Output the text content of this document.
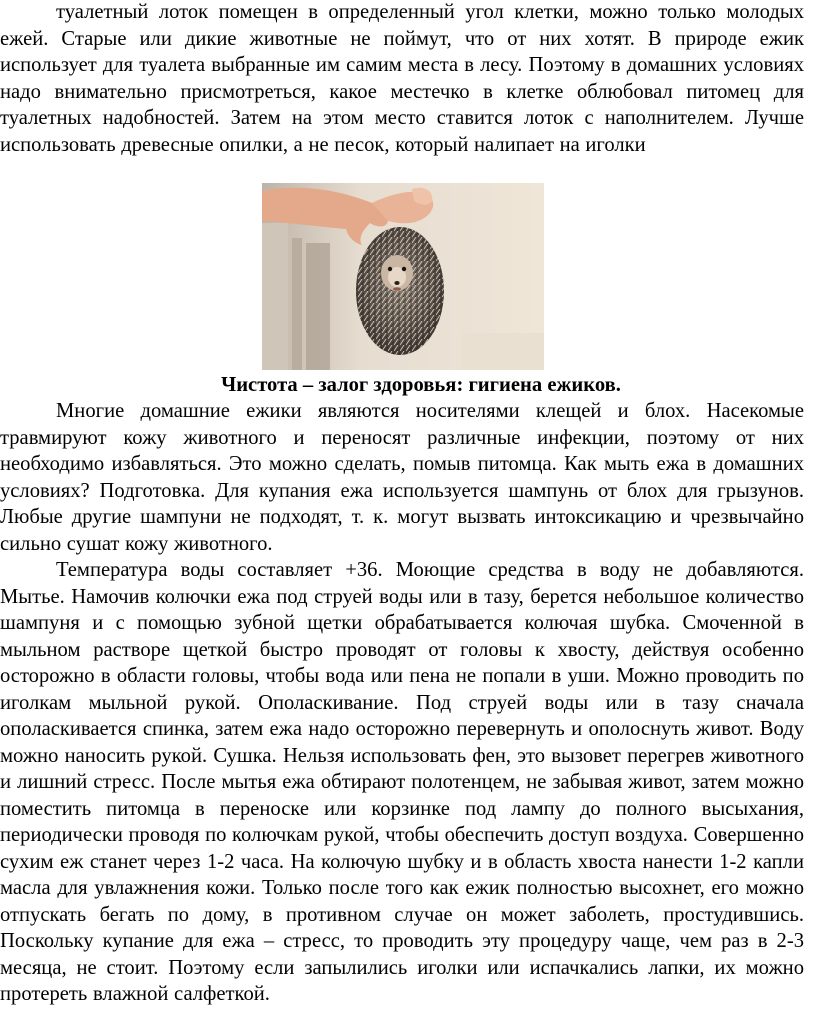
туалетный лоток помещен в определенный угол клетки, можно только молодых ежей. Старые или дикие животные не поймут, что от них хотят. В природе ежик использует для туалета выбранные им самим места в лесу. Поэтому в домашних условиях надо внимательно присмотреться, какое местечко в клетке облюбовал питомец для туалетных надобностей. Затем на этом место ставится лоток с наполнителем. Лучше использовать древесные опилки, а не песок, который налипает на иголки

Чистота – залог здоровья: гигиена ежиков.

Многие домашние ежики являются носителями клещей и блох. Насекомые травмируют кожу животного и переносят различные инфекции, поэтому от них необходимо избавляться. Это можно сделать, помыв питомца. Как мыть ежа в домашних условиях? Подготовка. Для купания ежа используется шампунь от блох для грызунов. Любые другие шампуни не подходят, т. к. могут вызвать интоксикацию и чрезвычайно сильно сушат кожу животного.

Температура воды составляет +36. Моющие средства в воду не добавляются. Мытье. Намочив колючки ежа под струей воды или в тазу, берется небольшое количество шампуня и с помощью зубной щетки обрабатывается колючая шубка. Смоченной в мыльном растворе щеткой быстро проводят от головы к хвосту, действуя особенно осторожно в области головы, чтобы вода или пена не попали в уши. Можно проводить по иголкам мыльной рукой. Ополаскивание. Под струей воды или в тазу сначала ополаскивается спинка, затем ежа надо осторожно перевернуть и ополоснуть живот. Воду можно наносить рукой. Сушка. Нельзя использовать фен, это вызовет перегрев животного и лишний стресс. После мытья ежа обтирают полотенцем, не забывая живот, затем можно поместить питомца в переноске или корзинке под лампу до полного высыхания, периодически проводя по колючкам рукой, чтобы обеспечить доступ воздуха. Совершенно сухим еж станет через 1-2 часа. На колючую шубку и в область хвоста нанести 1-2 капли масла для увлажнения кожи. Только после того как ежик полностью высохнет, его можно отпускать бегать по дому, в противном случае он может заболеть, простудившись. Поскольку купание для ежа – стресс, то проводить эту процедуру чаще, чем раз в 2-3 месяца, не стоит. Поэтому если запылились иголки или испачкались лапки, их можно протереть влажной салфеткой.
